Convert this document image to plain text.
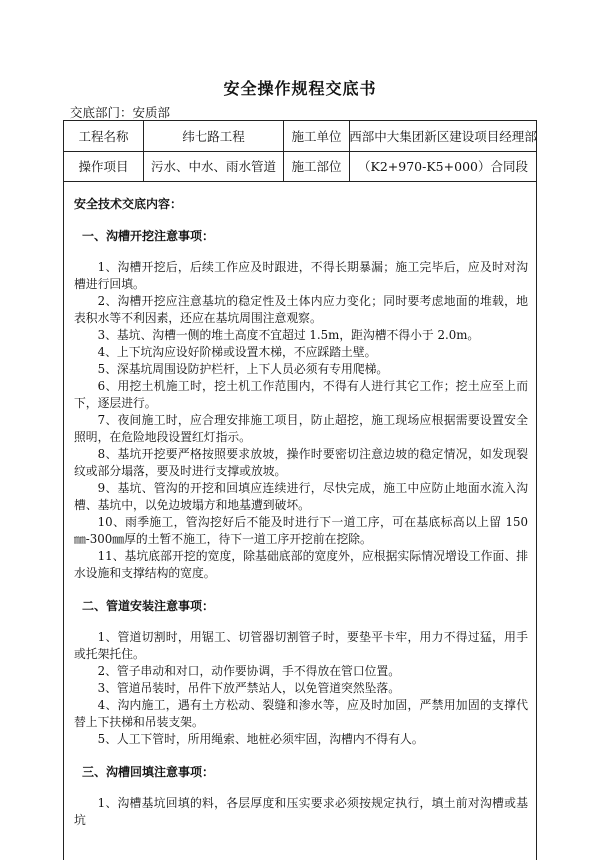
安全操作规程交底书
交底部门：安质部
工程名称	纬七路工程	施工单位 西部中大集团新区建设项目经理部
操作项目	污水、中水、雨水管道	施工部位	（K2+970-K5+000）合同段
安全技术交底内容：
一、沟槽开挖注意事项：

1、沟槽开挖后，后续工作应及时跟进，不得长期暴漏；施工完毕后，应及时对沟槽进行回填。

2、沟槽开挖应注意基坑的稳定性及土体内应力变化；同时要考虑地面的堆载，地表积水等不利因素，还应在基坑周围注意观察。

3、基坑、沟槽一侧的堆土高度不宜超过 1.5m，距沟槽不得小于 2.0m。

4、上下坑沟应设好阶梯或设置木梯，不应踩踏土壁。

5、深基坑周围设防护栏杆，上下人员必须有专用爬梯。

6、用挖土机施工时，挖土机工作范围内，不得有人进行其它工作；挖土应至上而下，逐层进行。

7、夜间施工时，应合理安排施工项目，防止超挖，施工现场应根据需要设置安全照明，在危险地段设置红灯指示。

8、基坑开挖要严格按照要求放坡，操作时要密切注意边坡的稳定情况，如发现裂纹或部分塌落，要及时进行支撑或放坡。

9、基坑、管沟的开挖和回填应连续进行，尽快完成，施工中应防止地面水流入沟槽、基坑中，以免边坡塌方和地基遭到破坏。

10、雨季施工，管沟挖好后不能及时进行下一道工序，可在基底标高以上留 150 ㎜-300㎜厚的土暂不施工，待下一道工序开挖前在挖除。

11、基坑底部开挖的宽度，除基础底部的宽度外，应根据实际情况增设工作面、排水设施和支撑结构的宽度。

二、管道安装注意事项：

1、管道切割时，用锯工、切管器切割管子时，要垫平卡牢，用力不得过猛，用手或托架托住。

2、管子串动和对口，动作要协调，手不得放在管口位置。

3、管道吊装时，吊件下放严禁站人，以免管道突然坠落。

4、沟内施工，遇有土方松动、裂缝和渗水等，应及时加固，严禁用加固的支撑代替上下扶梯和吊装支架。

5、人工下管时，所用绳索、地桩必须牢固，沟槽内不得有人。

三、沟槽回填注意事项：

1、沟槽基坑回填的料，各层厚度和压实要求必须按规定执行，填土前对沟槽或基坑
